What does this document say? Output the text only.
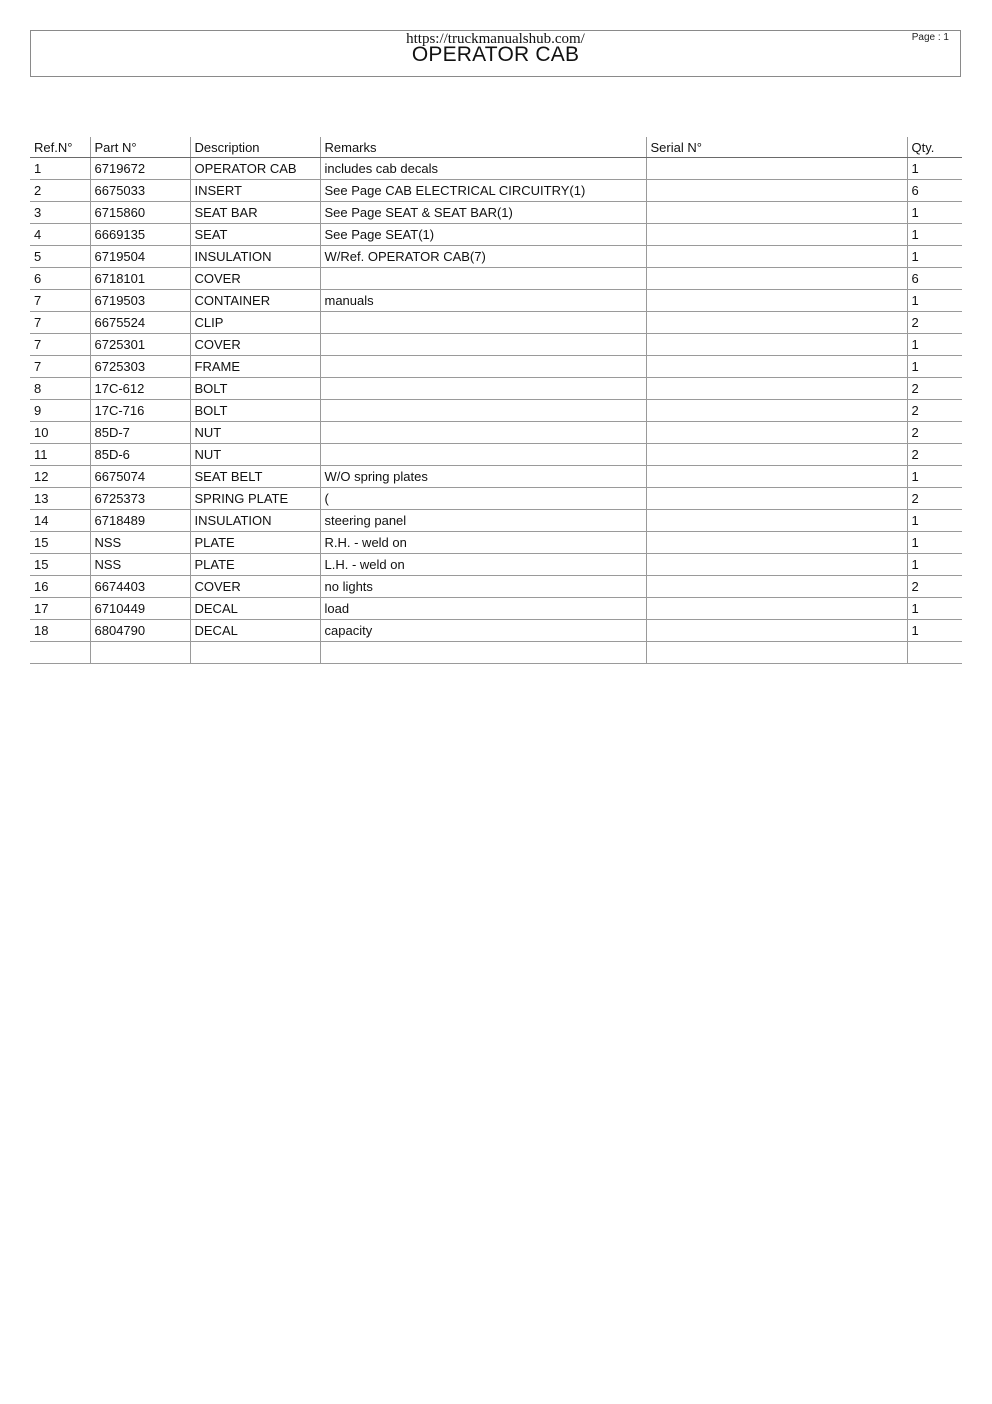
https://truckmanualshub.com/
OPERATOR CAB
Page : 1
Ref.N°	Part N°	Description	Remarks	Serial N°	Qty.
1	6719672	OPERATOR CAB	includes cab decals		1
2	6675033	INSERT	See Page CAB ELECTRICAL CIRCUITRY(1)		6
3	6715860	SEAT BAR	See Page SEAT & SEAT BAR(1)		1
4	6669135	SEAT	See Page SEAT(1)		1
5	6719504	INSULATION	W/Ref. OPERATOR CAB(7)		1
6	6718101	COVER			6
7	6719503	CONTAINER	manuals		1
7	6675524	CLIP			2
7	6725301	COVER			1
7	6725303	FRAME			1
8	17C-612	BOLT			2
9	17C-716	BOLT			2
10	85D-7	NUT			2
11	85D-6	NUT			2
12	6675074	SEAT BELT	W/O spring plates		1
13	6725373	SPRING PLATE	(		2
14	6718489	INSULATION	steering panel		1
15	NSS	PLATE	R.H. - weld on		1
15	NSS	PLATE	L.H. - weld on		1
16	6674403	COVER	no lights		2
17	6710449	DECAL	load		1
18	6804790	DECAL	capacity		1
